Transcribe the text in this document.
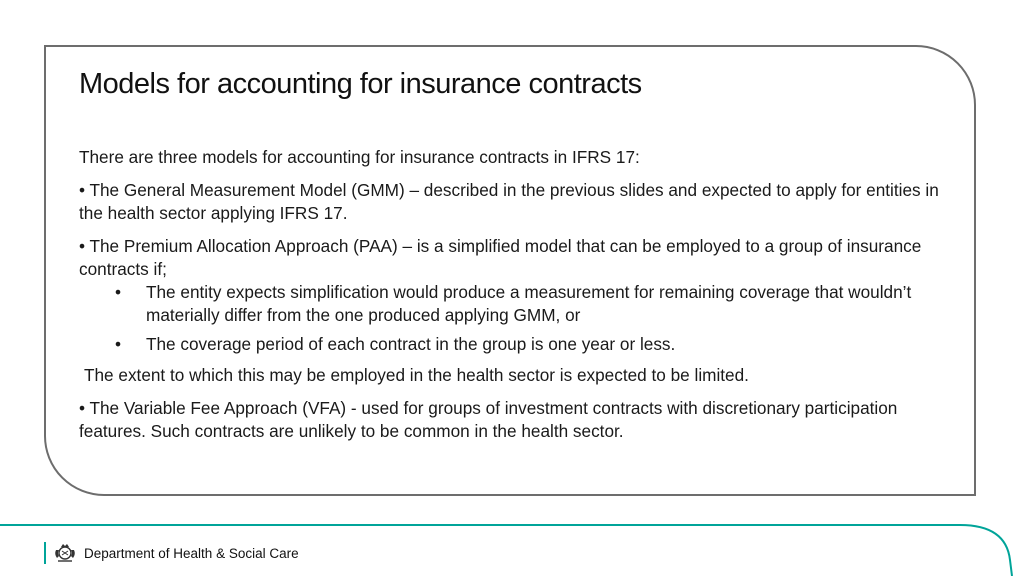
Models for accounting for insurance contracts

There are three models for accounting for insurance contracts in IFRS 17:

• The General Measurement Model (GMM) – described in the previous slides and expected to apply for entities in the health sector applying IFRS 17.

• The Premium Allocation Approach (PAA) – is a simplified model that can be employed to a group of insurance contracts if;

• The entity expects simplification would produce a measurement for remaining coverage that wouldn’t materially differ from the one produced applying GMM, or
• The coverage period of each contract in the group is one year or less.

The extent to which this may be employed in the health sector is expected to be limited.

• The Variable Fee Approach (VFA) - used for groups of investment contracts with discretionary participation features. Such contracts are unlikely to be common in the health sector.

Department of Health & Social Care
